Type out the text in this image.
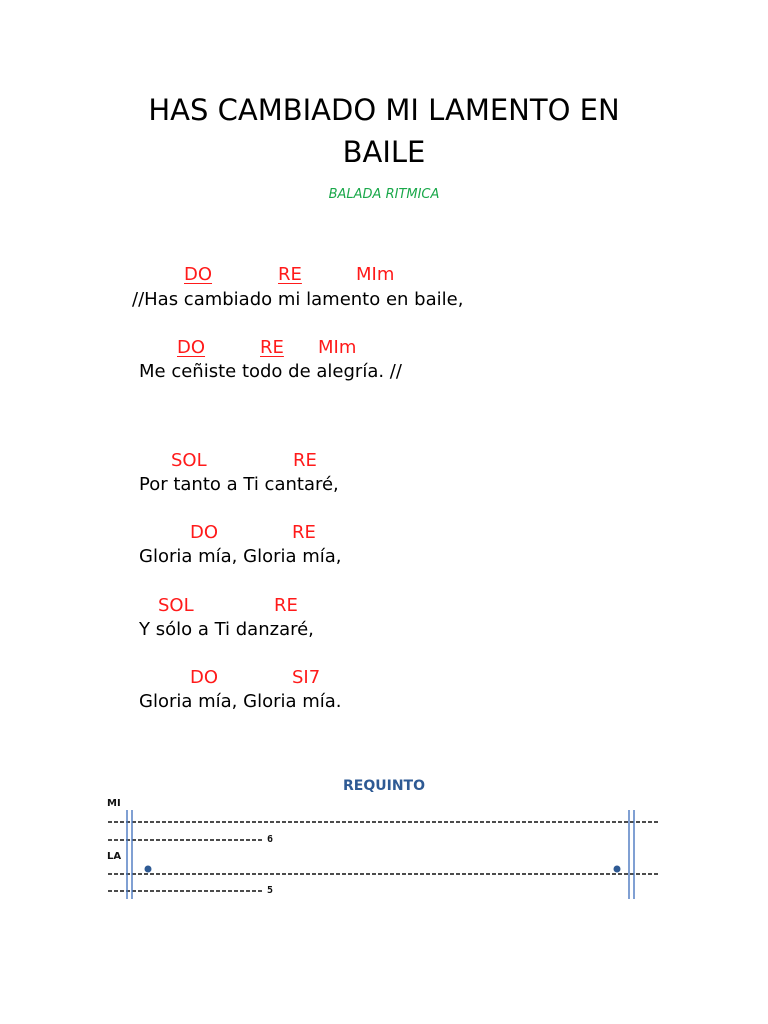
HAS CAMBIADO MI LAMENTO EN
BAILE
BALADA RITMICA
DO	RE	MIm
//Has cambiado mi lamento en baile,
DO	RE MIm
Me ceñiste todo de alegría. //
SOL	RE
Por tanto a Ti cantaré,
DO	RE
Gloria mía, Gloria mía,
SOL	RE
Y sólo a Ti danzaré,
DO	SI7
Gloria mía, Gloria mía.
REQUINTO
MI
LA
6
5
